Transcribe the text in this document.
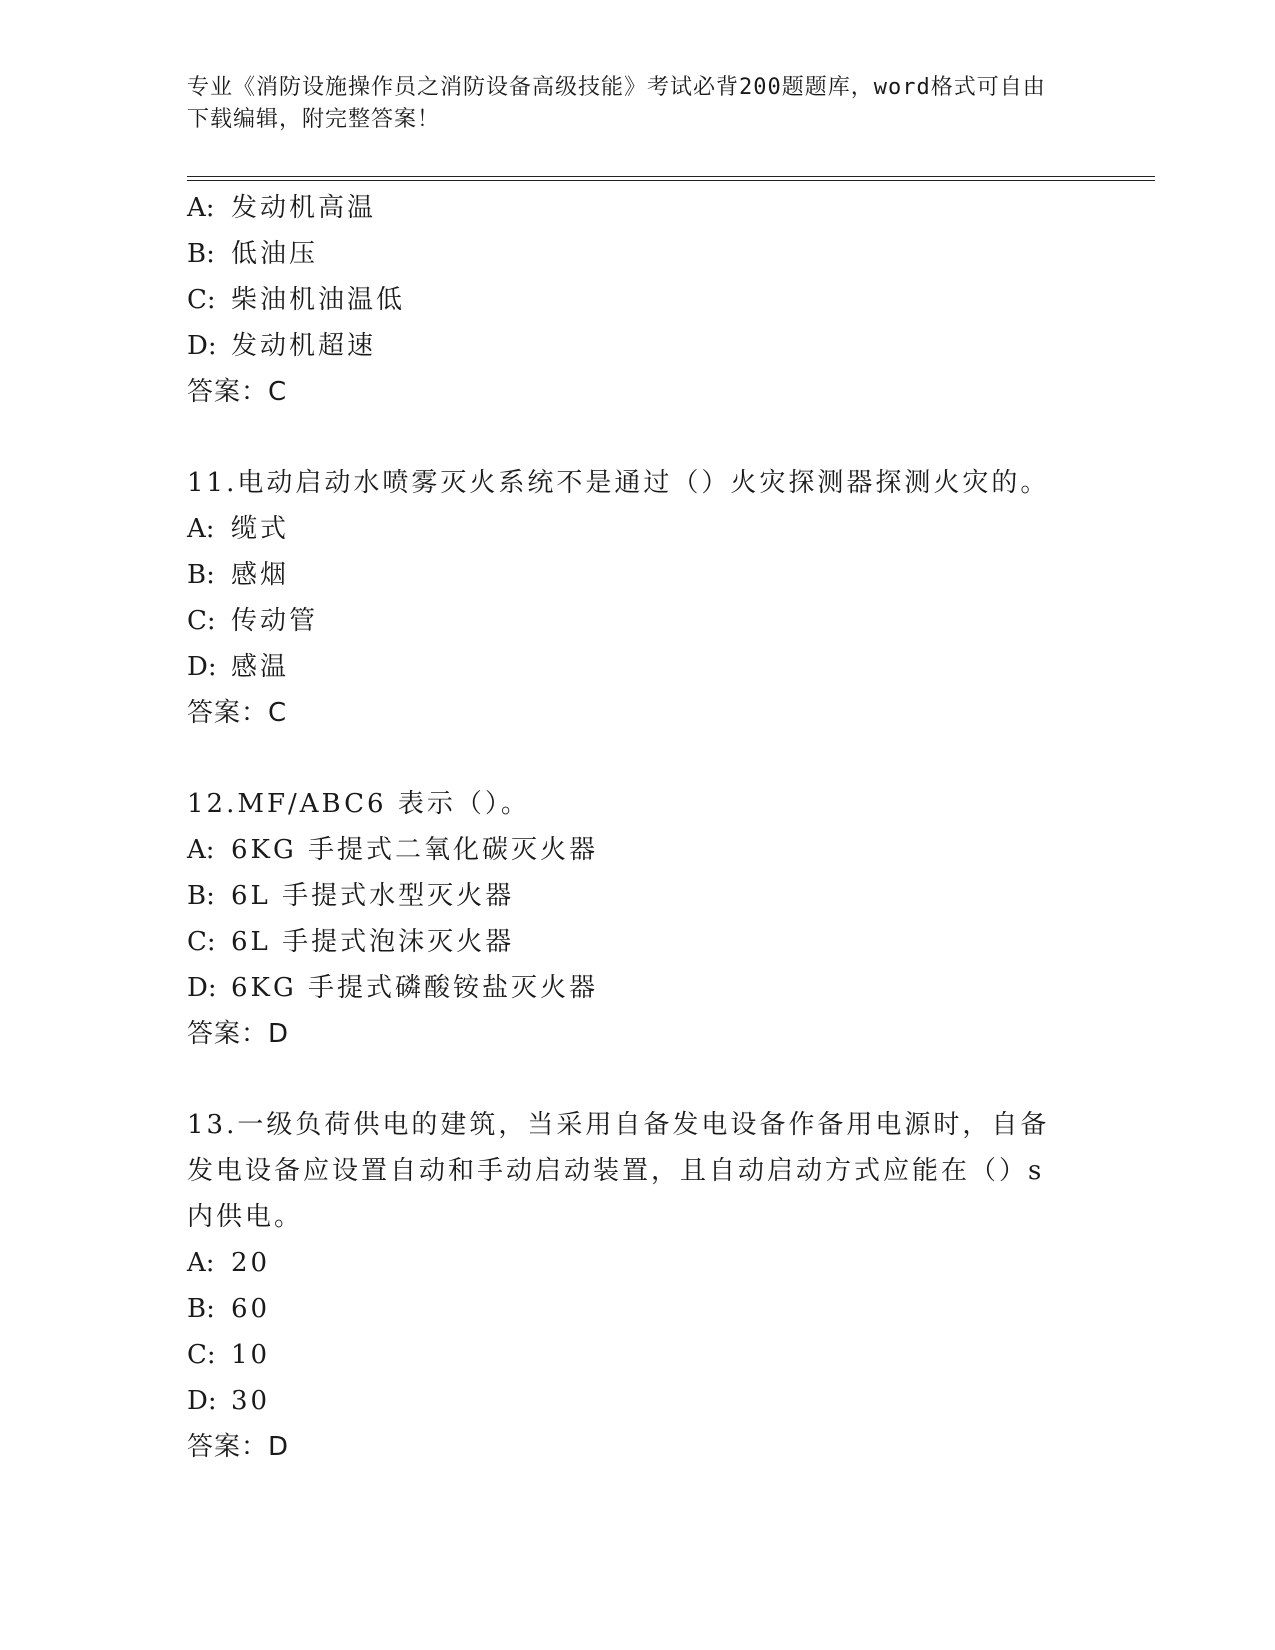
专业《消防设施操作员之消防设备高级技能》考试必背200题题库，word格式可自由下载编辑，附完整答案！

A: 发动机高温

B: 低油压

C: 柴油机油温低

D: 发动机超速

答案：C

11.电动启动水喷雾灭火系统不是通过（）火灾探测器探测火灾的。

A: 缆式

B: 感烟

C: 传动管

D: 感温

答案：C

12.MF/ABC6 表示（）。

A: 6KG 手提式二氧化碳灭火器

B: 6L 手提式水型灭火器

C: 6L 手提式泡沫灭火器

D: 6KG 手提式磷酸铵盐灭火器

答案：D

13.一级负荷供电的建筑，当采用自备发电设备作备用电源时，自备发电设备应设置自动和手动启动装置，且自动启动方式应能在（）s 内供电。

A: 20

B: 60

C: 10

D: 30

答案：D
